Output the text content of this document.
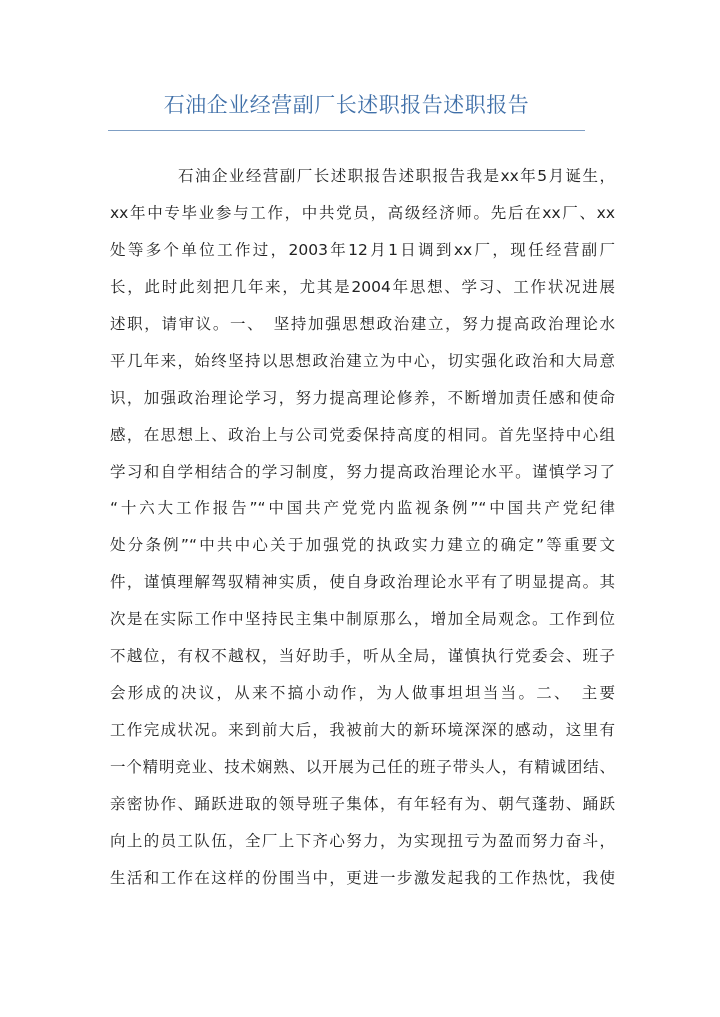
石油企业经营副厂长述职报告述职报告
石油企业经营副厂长述职报告述职报告我是xx年5月诞生，
xx年中专毕业参与工作，中共党员，高级经济师。先后在xx厂、xx
处等多个单位工作过，2003年12月1日调到xx厂，现任经营副厂
长，此时此刻把几年来，尤其是2004年思想、学习、工作状况进展
述职，请审议。一、　坚持加强思想政治建立，努力提高政治理论水
平几年来，始终坚持以思想政治建立为中心，切实强化政治和大局意
识，加强政治理论学习，努力提高理论修养，不断增加责任感和使命
感，在思想上、政治上与公司党委保持高度的相同。首先坚持中心组
学习和自学相结合的学习制度，努力提高政治理论水平。谨慎学习了
“十六大工作报告”“中国共产党党内监视条例”“中国共产党纪律
处分条例”“中共中心关于加强党的执政实力建立的确定”等重要文
件，谨慎理解驾驭精神实质，使自身政治理论水平有了明显提高。其
次是在实际工作中坚持民主集中制原那么，增加全局观念。工作到位
不越位，有权不越权，当好助手，听从全局，谨慎执行党委会、班子
会形成的决议，从来不搞小动作，为人做事坦坦当当。二、　主要
工作完成状况。来到前大后，我被前大的新环境深深的感动，这里有
一个精明竞业、技术娴熟、以开展为己任的班子带头人，有精诚团结、
亲密协作、踊跃进取的领导班子集体，有年轻有为、朝气蓬勃、踊跃
向上的员工队伍，全厂上下齐心努力，为实现扭亏为盈而努力奋斗，
生活和工作在这样的份围当中，更进一步激发起我的工作热忱，我使
